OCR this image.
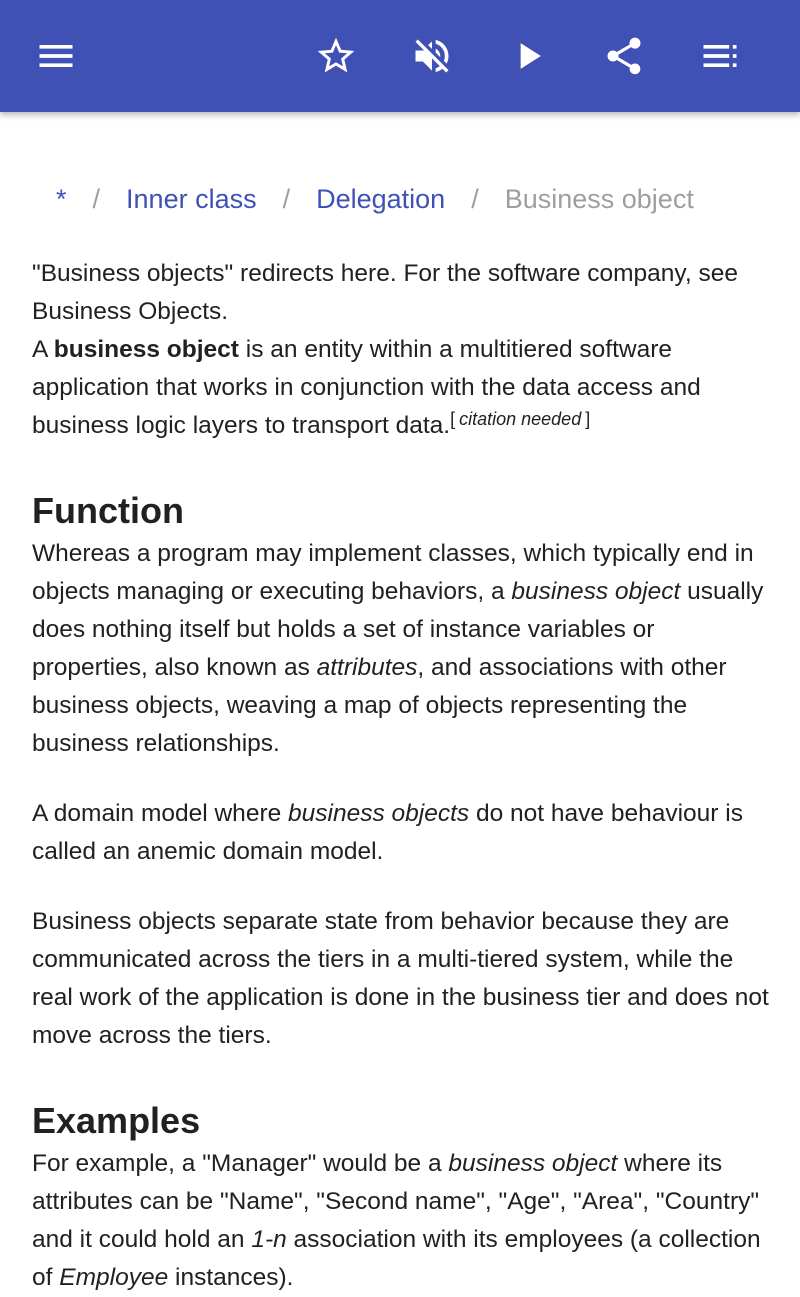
* / Inner class / Delegation / Business object

"Business objects" redirects here. For the software company, see Business Objects.

A business object is an entity within a multitiered software application that works in conjunction with the data access and business logic layers to transport data.[ citation needed ]

Function

Whereas a program may implement classes, which typically end in objects managing or executing behaviors, a business object usually does nothing itself but holds a set of instance variables or properties, also known as attributes, and associations with other business objects, weaving a map of objects representing the business relationships.

A domain model where business objects do not have behaviour is called an anemic domain model.

Business objects separate state from behavior because they are communicated across the tiers in a multi-tiered system, while the real work of the application is done in the business tier and does not move across the tiers.

Examples

For example, a "Manager" would be a business object where its attributes can be "Name", "Second name", "Age", "Area", "Country" and it could hold an 1-n association with its employees (a collection of Employee instances).
